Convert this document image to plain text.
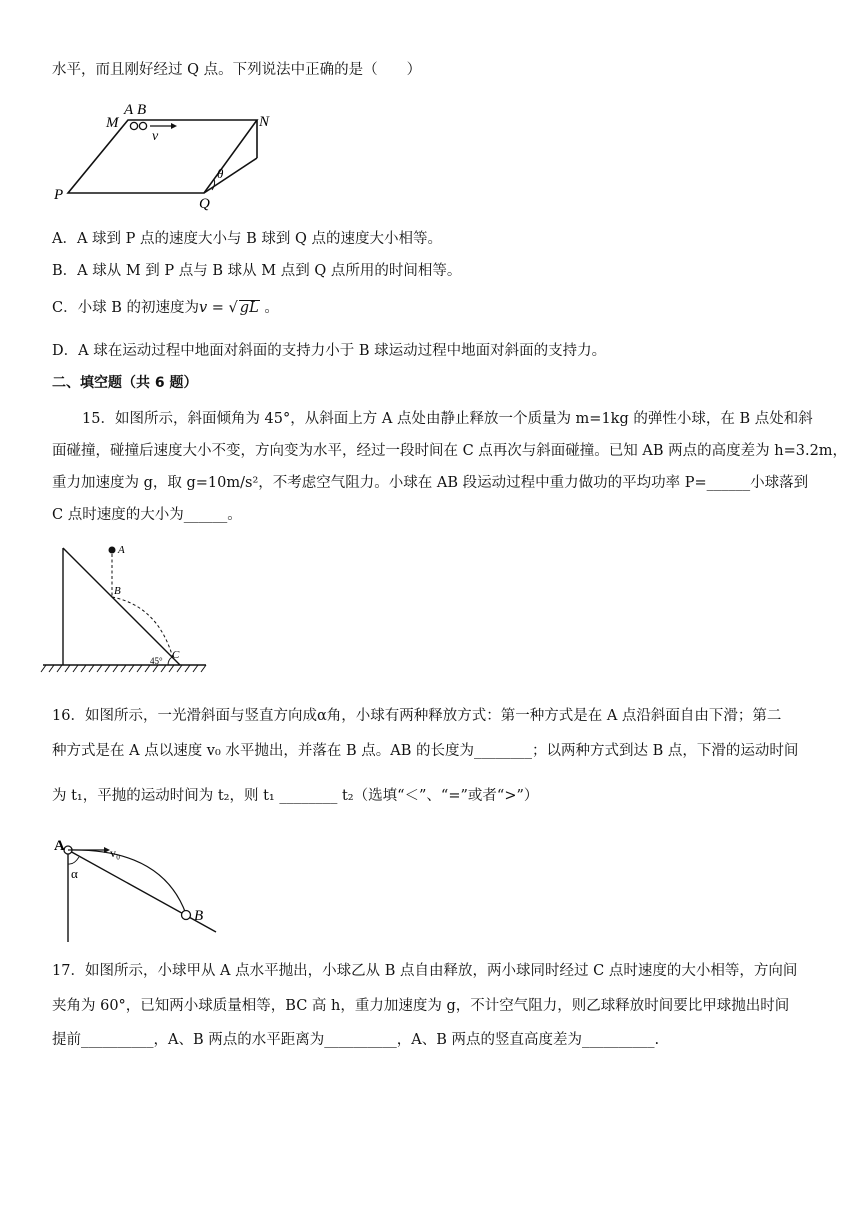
水平，而且刚好经过 Q 点。下列说法中正确的是（　　）
M
A B
N
P
Q
θ
v
A．A 球到 P 点的速度大小与 B 球到 Q 点的速度大小相等。
B．A 球从 M 到 P 点与 B 球从 M 点到 Q 点所用的时间相等。
C．小球 B 的初速度为v = √ gL 。
D．A 球在运动过程中地面对斜面的支持力小于 B 球运动过程中地面对斜面的支持力。
二、填空题（共 6 题）
15．如图所示，斜面倾角为 45°，从斜面上方 A 点处由静止释放一个质量为 m=1kg 的弹性小球，在 B 点处和斜
面碰撞，碰撞后速度大小不变，方向变为水平，经过一段时间在 C 点再次与斜面碰撞。已知 AB 两点的高度差为 h=3.2m，
重力加速度为 g，取 g=10m/s²，不考虑空气阻力。小球在 AB 段运动过程中重力做功的平均功率 P=______小球落到
C 点时速度的大小为______。
A
B
C
45°
16．如图所示，一光滑斜面与竖直方向成α角，小球有两种释放方式：第一种方式是在 A 点沿斜面自由下滑；第二
种方式是在 A 点以速度 v₀ 水平抛出，并落在 B 点。AB 的长度为________；以两种方式到达 B 点，下滑的运动时间
为 t₁，平抛的运动时间为 t₂，则 t₁ ________ t₂（选填“＜”、“=”或者“>”）
A	v₀
α
B
17．如图所示，小球甲从 A 点水平抛出，小球乙从 B 点自由释放，两小球同时经过 C 点时速度的大小相等，方向间
夹角为 60°，已知两小球质量相等，BC 高 h，重力加速度为 g，不计空气阻力，则乙球释放时间要比甲球抛出时间
提前__________，A、B 两点的水平距离为__________，A、B 两点的竖直高度差为__________.
